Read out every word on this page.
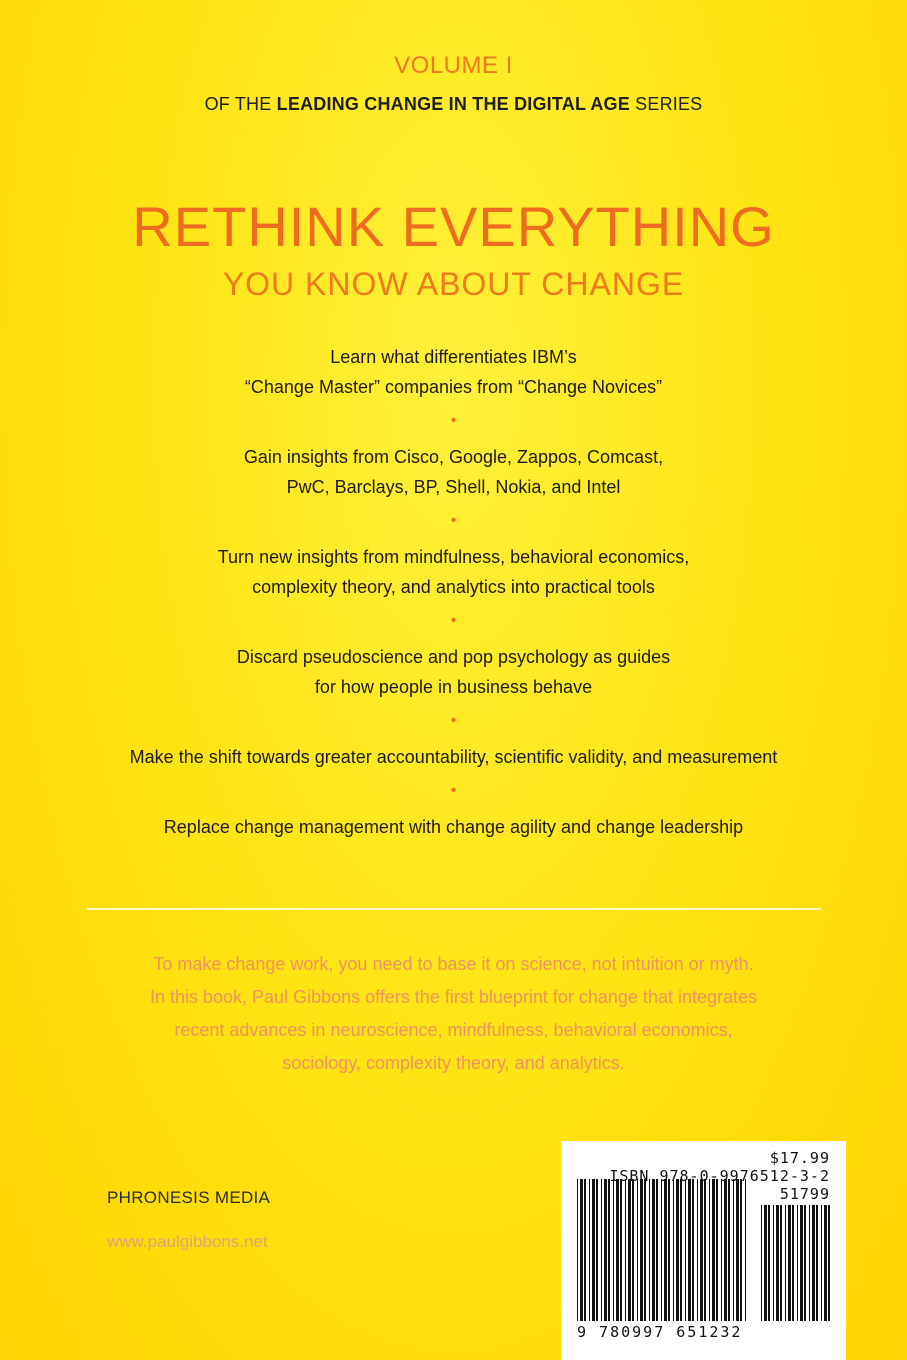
VOLUME I
OF THE LEADING CHANGE IN THE DIGITAL AGE SERIES
RETHINK EVERYTHING
YOU KNOW ABOUT CHANGE
Learn what differentiates IBM’s
“Change Master” companies from “Change Novices”
•
Gain insights from Cisco, Google, Zappos, Comcast,
PwC, Barclays, BP, Shell, Nokia, and Intel
•
Turn new insights from mindfulness, behavioral economics,
complexity theory, and analytics into practical tools
•
Discard pseudoscience and pop psychology as guides
for how people in business behave
•
Make the shift towards greater accountability, scientific validity, and measurement
•
Replace change management with change agility and change leadership
To make change work, you need to base it on science, not intuition or myth.
In this book, Paul Gibbons offers the first blueprint for change that integrates
recent advances in neuroscience, mindfulness, behavioral economics,
sociology, complexity theory, and analytics.
PHRONESIS MEDIA
www.paulgibbons.net
$17.99
ISBN 978-0-9976512-3-2
51799
9 780997 651232
